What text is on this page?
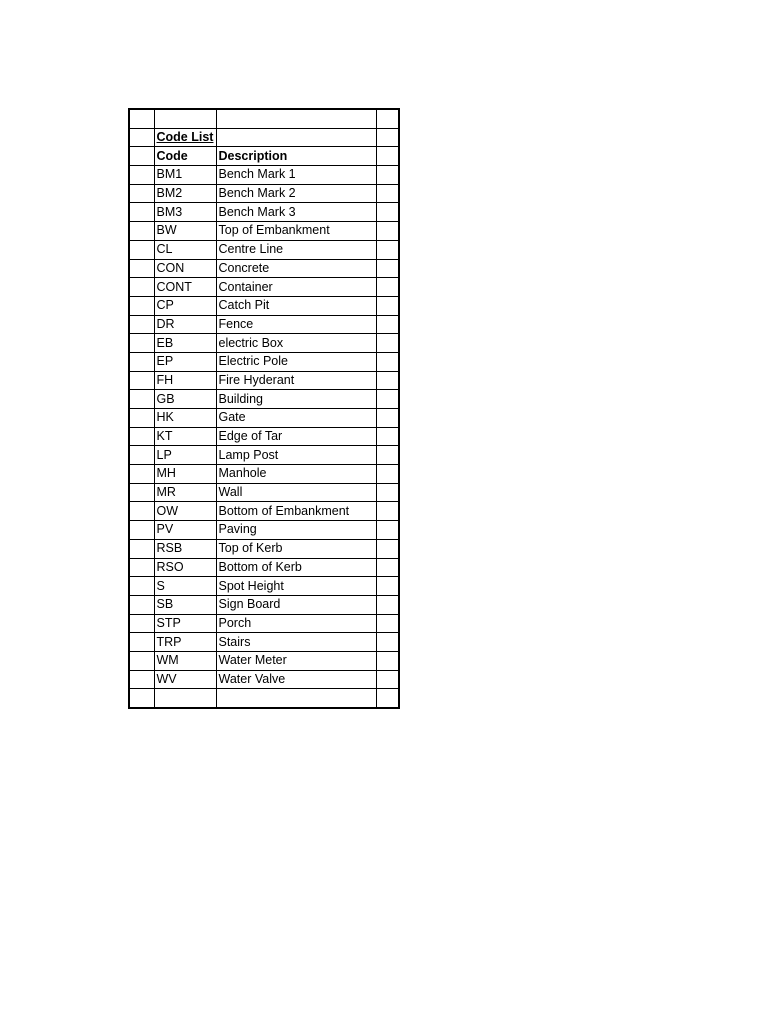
	Code List		
	Code	Description	
	BM1	Bench Mark 1	
	BM2	Bench Mark 2	
	BM3	Bench Mark 3	
	BW	Top of Embankment	
	CL	Centre Line	
	CON	Concrete	
	CONT	Container	
	CP	Catch Pit	
	DR	Fence	
	EB	electric Box	
	EP	Electric Pole	
	FH	Fire Hyderant	
	GB	Building	
	HK	Gate	
	KT	Edge of Tar	
	LP	Lamp Post	
	MH	Manhole	
	MR	Wall	
	OW	Bottom of Embankment	
	PV	Paving	
	RSB	Top of Kerb	
	RSO	Bottom of Kerb	
	S	Spot Height	
	SB	Sign Board	
	STP	Porch	
	TRP	Stairs	
	WM	Water Meter	
	WV	Water Valve	
